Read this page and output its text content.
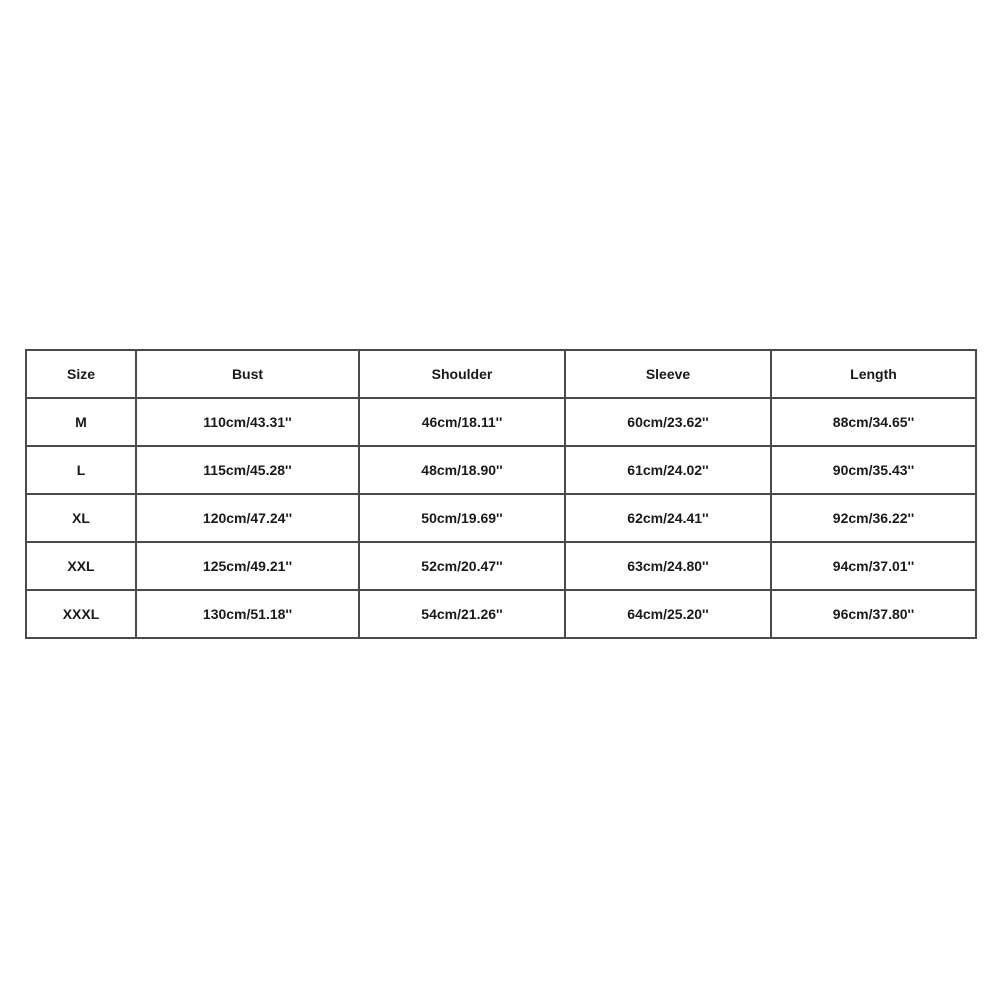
Size	Bust	Shoulder	Sleeve	Length
M	110cm/43.31''	46cm/18.11''	60cm/23.62''	88cm/34.65''
L	115cm/45.28''	48cm/18.90''	61cm/24.02''	90cm/35.43''
XL	120cm/47.24''	50cm/19.69''	62cm/24.41''	92cm/36.22''
XXL	125cm/49.21''	52cm/20.47''	63cm/24.80''	94cm/37.01''
XXXL	130cm/51.18''	54cm/21.26''	64cm/25.20''	96cm/37.80''
